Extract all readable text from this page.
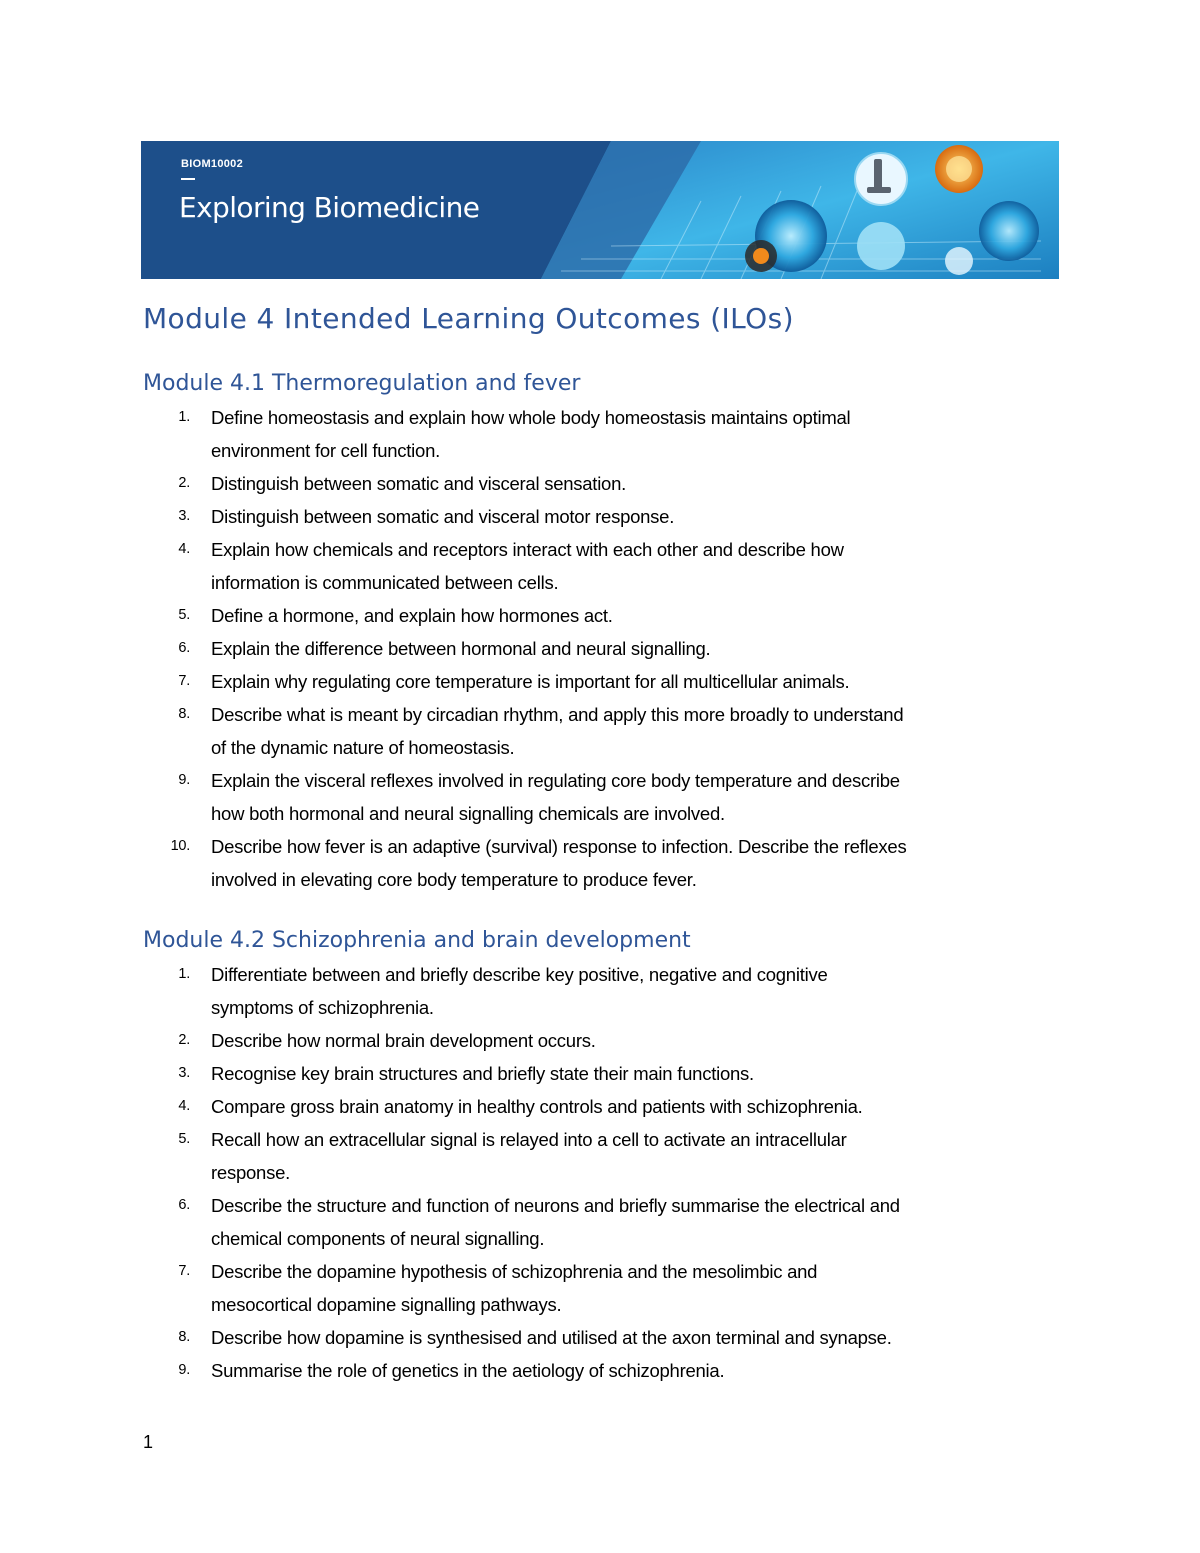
BIOM10002
Exploring Biomedicine
Module 4 Intended Learning Outcomes (ILOs)
Module 4.1 Thermoregulation and fever
1. Define homeostasis and explain how whole body homeostasis maintains optimal
environment for cell function.
2. Distinguish between somatic and visceral sensation.
3. Distinguish between somatic and visceral motor response.
4. Explain how chemicals and receptors interact with each other and describe how
information is communicated between cells.
5. Define a hormone, and explain how hormones act.
6. Explain the difference between hormonal and neural signalling.
7. Explain why regulating core temperature is important for all multicellular animals.
8. Describe what is meant by circadian rhythm, and apply this more broadly to understand
of the dynamic nature of homeostasis.
9. Explain the visceral reflexes involved in regulating core body temperature and describe
how both hormonal and neural signalling chemicals are involved.
10. Describe how fever is an adaptive (survival) response to infection. Describe the reflexes
involved in elevating core body temperature to produce fever.
Module 4.2 Schizophrenia and brain development
1. Differentiate between and briefly describe key positive, negative and cognitive
symptoms of schizophrenia.
2. Describe how normal brain development occurs.
3. Recognise key brain structures and briefly state their main functions.
4. Compare gross brain anatomy in healthy controls and patients with schizophrenia.
5. Recall how an extracellular signal is relayed into a cell to activate an intracellular
response.
6. Describe the structure and function of neurons and briefly summarise the electrical and
chemical components of neural signalling.
7. Describe the dopamine hypothesis of schizophrenia and the mesolimbic and
mesocortical dopamine signalling pathways.
8. Describe how dopamine is synthesised and utilised at the axon terminal and synapse.
9. Summarise the role of genetics in the aetiology of schizophrenia.
1
